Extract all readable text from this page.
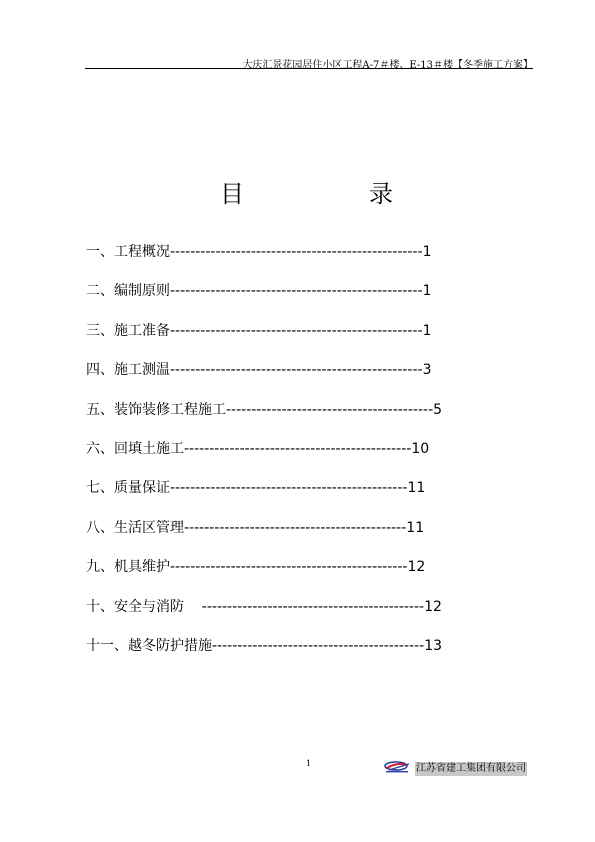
大庆汇景花园居住小区工程A-7＃楼、E-13＃楼【冬季施工方案】
目	录
一、工程概况--------------------------------------------------1
二、编制原则--------------------------------------------------1
三、施工准备--------------------------------------------------1
四、施工测温--------------------------------------------------3
五、装饰装修工程施工-----------------------------------------5
六、回填土施工---------------------------------------------10
七、质量保证-----------------------------------------------11
八、生活区管理--------------------------------------------11
九、机具维护-----------------------------------------------12
十、安全与消防    --------------------------------------------12
十一、越冬防护措施------------------------------------------13
1	江苏省建工集团有限公司
